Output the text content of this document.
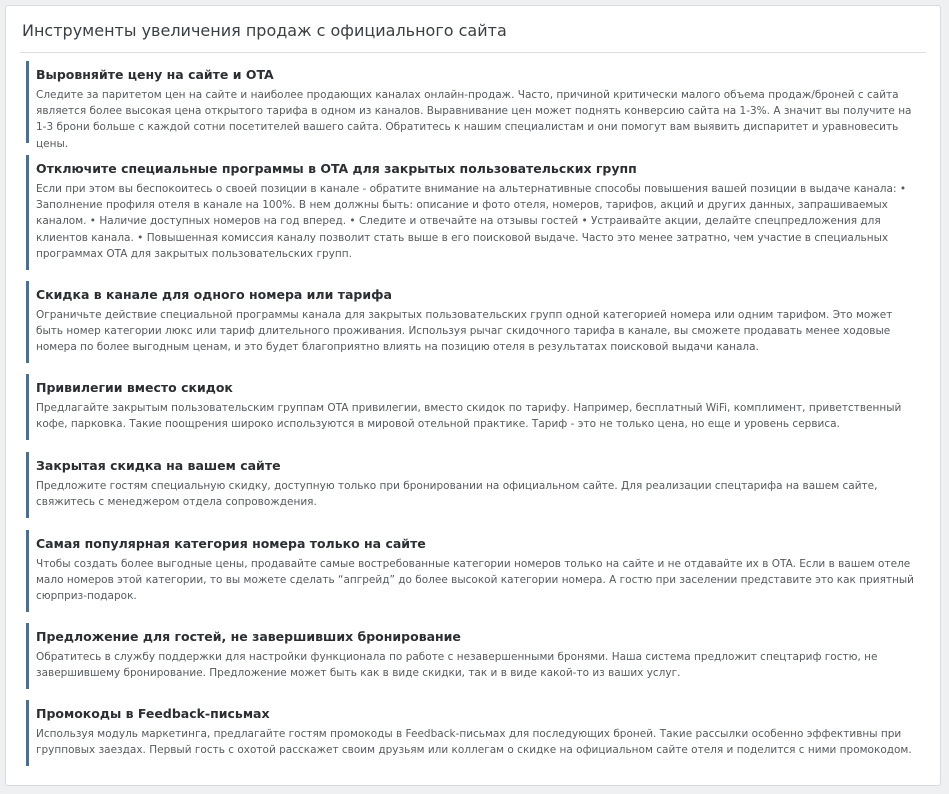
Инструменты увеличения продаж с официального сайта
Выровняйте цену на сайте и OTA

Следите за паритетом цен на сайте и наиболее продающих каналах онлайн-продаж. Часто, причиной критически малого объема продаж/броней с сайта является более высокая цена открытого тарифа в одном из каналов. Выравнивание цен может поднять конверсию сайта на 1-3%. А значит вы получите на 1-3 брони больше с каждой сотни посетителей вашего сайта. Обратитесь к нашим специалистам и они помогут вам выявить диспаритет и уравновесить цены.

Отключите специальные программы в OTA для закрытых пользовательских групп

Если при этом вы беспокоитесь о своей позиции в канале - обратите внимание на альтернативные способы повышения вашей позиции в выдаче канала: • Заполнение профиля отеля в канале на 100%. В нем должны быть: описание и фото отеля, номеров, тарифов, акций и других данных, запрашиваемых каналом. • Наличие доступных номеров на год вперед. • Следите и отвечайте на отзывы гостей • Устраивайте акции, делайте спецпредложения для клиентов канала. • Повышенная комиссия каналу позволит стать выше в его поисковой выдаче. Часто это менее затратно, чем участие в специальных программах OTA для закрытых пользовательских групп.

Скидка в канале для одного номера или тарифа

Ограничьте действие специальной программы канала для закрытых пользовательских групп одной категорией номера или одним тарифом. Это может быть номер категории люкс или тариф длительного проживания. Используя рычаг скидочного тарифа в канале, вы сможете продавать менее ходовые номера по более выгодным ценам, и это будет благоприятно влиять на позицию отеля в результатах поисковой выдачи канала.

Привилегии вместо скидок

Предлагайте закрытым пользовательским группам OTA привилегии, вместо скидок по тарифу. Например, бесплатный WiFi, комплимент, приветственный кофе, парковка. Такие поощрения широко используются в мировой отельной практике. Тариф - это не только цена, но еще и уровень сервиса.

Закрытая скидка на вашем сайте

Предложите гостям специальную скидку, доступную только при бронировании на официальном сайте. Для реализации спецтарифа на вашем сайте, свяжитесь с менеджером отдела сопровождения.

Самая популярная категория номера только на сайте

Чтобы создать более выгодные цены, продавайте самые востребованные категории номеров только на сайте и не отдавайте их в OTA. Если в вашем отеле мало номеров этой категории, то вы можете сделать “апгрейд” до более высокой категории номера. А гостю при заселении представите это как приятный сюрприз-подарок.

Предложение для гостей, не завершивших бронирование

Обратитесь в службу поддержки для настройки функционала по работе с незавершенными бронями. Наша система предложит спецтариф гостю, не завершившему бронирование. Предложение может быть как в виде скидки, так и в виде какой-то из ваших услуг.

Промокоды в Feedback-письмах

Используя модуль маркетинга, предлагайте гостям промокоды в Feedback-письмах для последующих броней. Такие рассылки особенно эффективны при групповых заездах. Первый гость с охотой расскажет своим друзьям или коллегам о скидке на официальном сайте отеля и поделится с ними промокодом.
